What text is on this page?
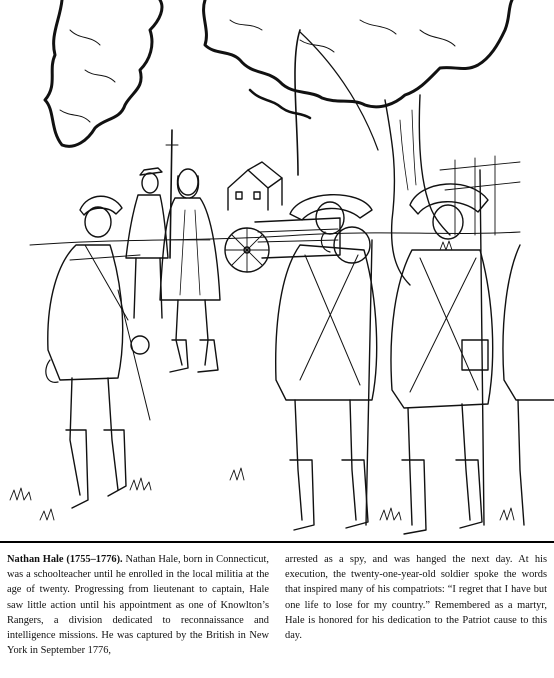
Nathan Hale (1755–1776). Nathan Hale, born in Connecticut, was a schoolteacher until he enrolled in the local militia at the age of twenty. Progressing from lieutenant to captain, Hale saw little action until his appointment as one of Knowlton’s Rangers, a division dedicated to reconnaissance and intelligence missions. He was captured by the British in New York in September 1776,

arrested as a spy, and was hanged the next day. At his execution, the twenty-one-year-old soldier spoke the words that inspired many of his compatriots: “I regret that I have but one life to lose for my country.” Remembered as a martyr, Hale is honored for his dedication to the Patriot cause to this day.
